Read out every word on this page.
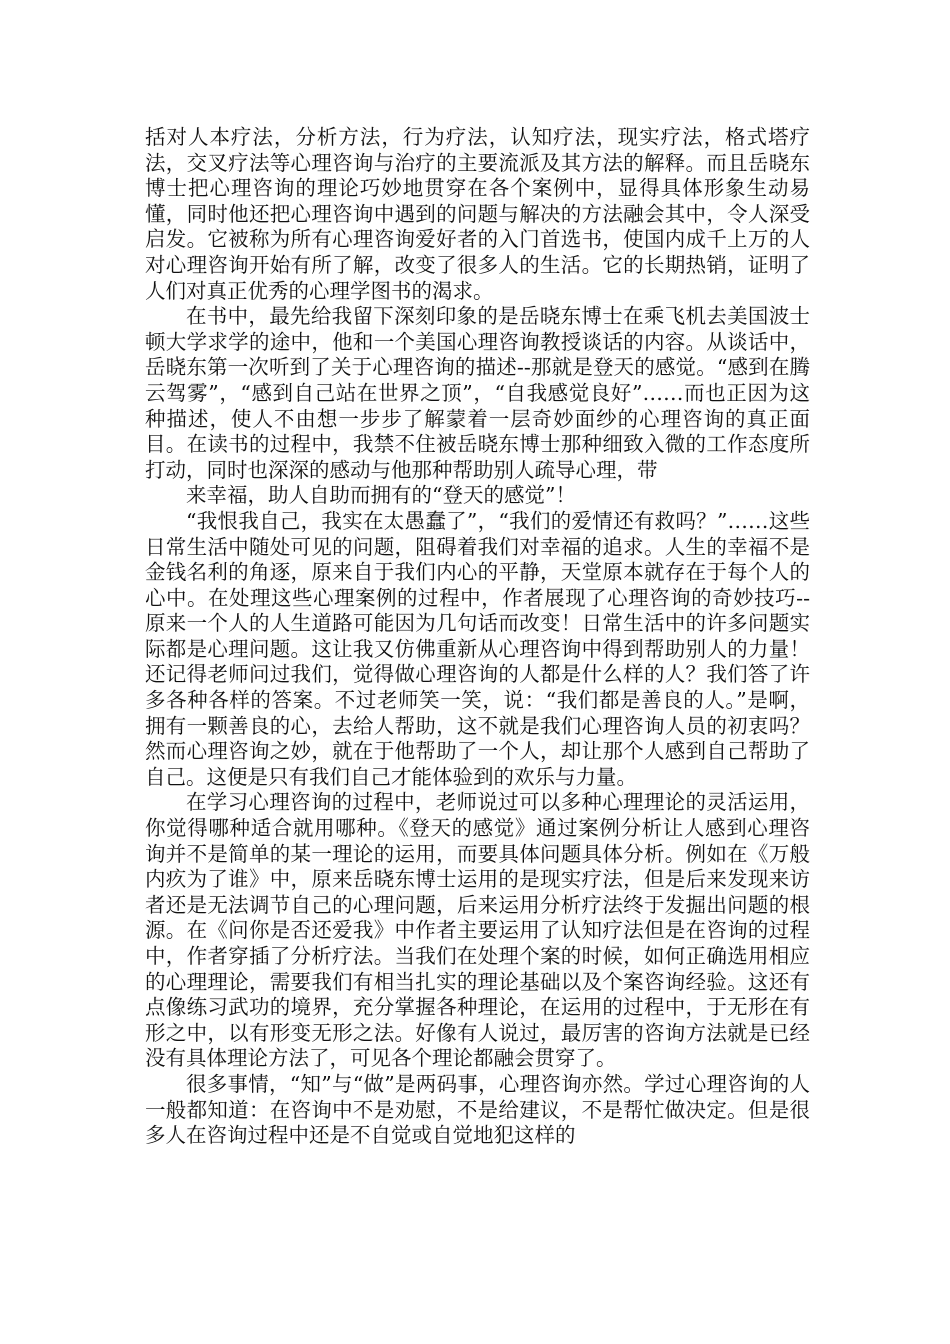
括对人本疗法，分析方法，行为疗法，认知疗法，现实疗法，格式塔疗法，交叉疗法等心理咨询与治疗的主要流派及其方法的解释。而且岳晓东博士把心理咨询的理论巧妙地贯穿在各个案例中，显得具体形象生动易懂，同时他还把心理咨询中遇到的问题与解决的方法融会其中，令人深受启发。它被称为所有心理咨询爱好者的入门首选书，使国内成千上万的人对心理咨询开始有所了解，改变了很多人的生活。它的长期热销，证明了人们对真正优秀的心理学图书的渴求。

在书中，最先给我留下深刻印象的是岳晓东博士在乘飞机去美国波士顿大学求学的途中，他和一个美国心理咨询教授谈话的内容。从谈话中，岳晓东第一次听到了关于心理咨询的描述--那就是登天的感觉。“感到在腾云驾雾”，“感到自己站在世界之顶”，“自我感觉良好”……而也正因为这种描述，使人不由想一步步了解蒙着一层奇妙面纱的心理咨询的真正面目。在读书的过程中，我禁不住被岳晓东博士那种细致入微的工作态度所打动，同时也深深的感动与他那种帮助别人疏导心理，带

来幸福，助人自助而拥有的“登天的感觉”！

“我恨我自己，我实在太愚蠢了”，“我们的爱情还有救吗？”……这些日常生活中随处可见的问题，阻碍着我们对幸福的追求。人生的幸福不是金钱名利的角逐，原来自于我们内心的平静，天堂原本就存在于每个人的心中。在处理这些心理案例的过程中，作者展现了心理咨询的奇妙技巧--原来一个人的人生道路可能因为几句话而改变！日常生活中的许多问题实际都是心理问题。这让我又仿佛重新从心理咨询中得到帮助别人的力量！还记得老师问过我们，觉得做心理咨询的人都是什么样的人？我们答了许多各种各样的答案。不过老师笑一笑，说：“我们都是善良的人。”是啊，拥有一颗善良的心，去给人帮助，这不就是我们心理咨询人员的初衷吗？然而心理咨询之妙，就在于他帮助了一个人，却让那个人感到自己帮助了自己。这便是只有我们自己才能体验到的欢乐与力量。

在学习心理咨询的过程中，老师说过可以多种心理理论的灵活运用，你觉得哪种适合就用哪种。《登天的感觉》通过案例分析让人感到心理咨询并不是简单的某一理论的运用，而要具体问题具体分析。例如在《万般内疚为了谁》中，原来岳晓东博士运用的是现实疗法，但是后来发现来访者还是无法调节自己的心理问题，后来运用分析疗法终于发掘出问题的根源。在《问你是否还爱我》中作者主要运用了认知疗法但是在咨询的过程中，作者穿插了分析疗法。当我们在处理个案的时候，如何正确选用相应的心理理论，需要我们有相当扎实的理论基础以及个案咨询经验。这还有点像练习武功的境界，充分掌握各种理论，在运用的过程中，于无形在有形之中，以有形变无形之法。好像有人说过，最厉害的咨询方法就是已经没有具体理论方法了，可见各个理论都融会贯穿了。

很多事情，“知”与“做”是两码事，心理咨询亦然。学过心理咨询的人一般都知道：在咨询中不是劝慰，不是给建议，不是帮忙做决定。但是很多人在咨询过程中还是不自觉或自觉地犯这样的
